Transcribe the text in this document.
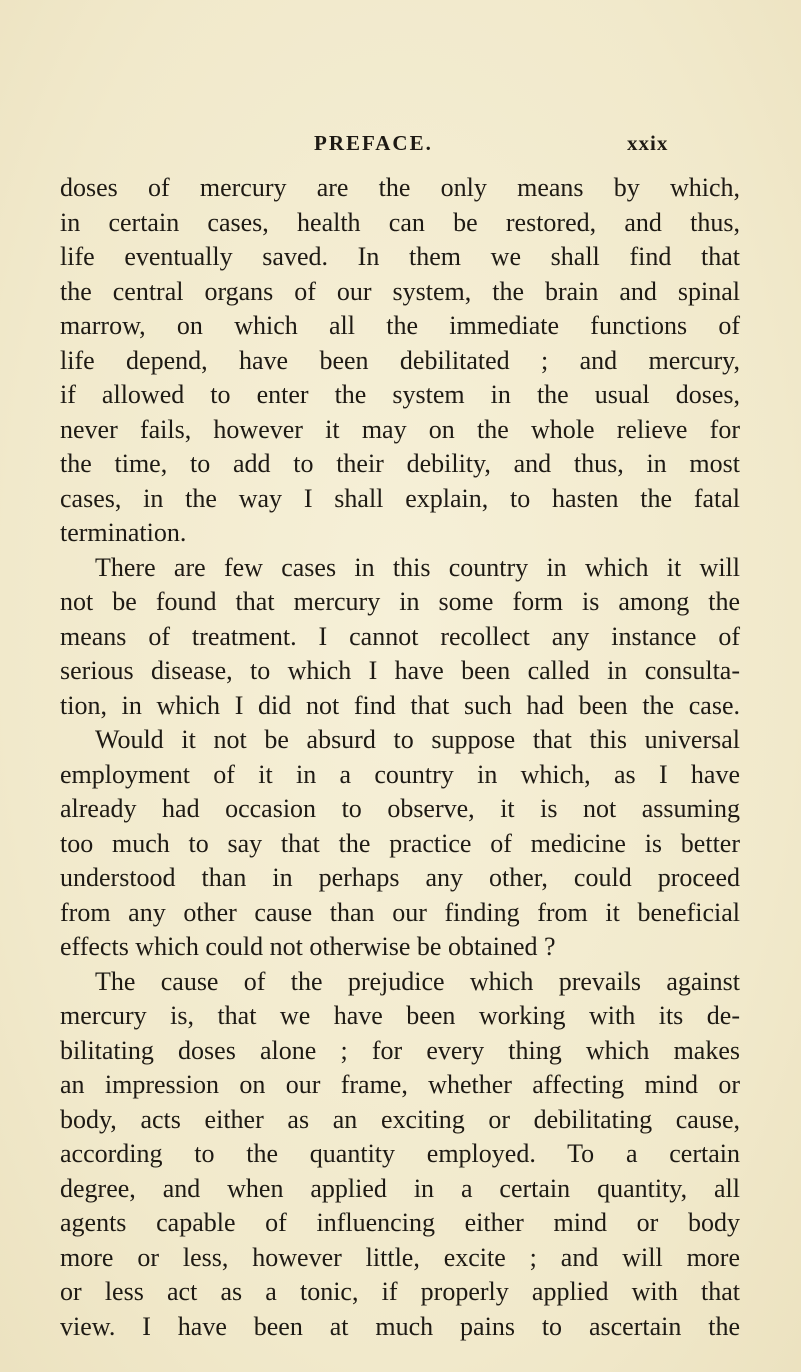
PREFACE.	xxix
doses of mercury are the only means by which,
in certain cases, health can be restored, and thus,
life eventually saved. In them we shall find that
the central organs of our system, the brain and spinal
marrow, on which all the immediate functions of
life depend, have been debilitated ; and mercury,
if allowed to enter the system in the usual doses,
never fails, however it may on the whole relieve for
the time, to add to their debility, and thus, in most
cases, in the way I shall explain, to hasten the fatal
termination.
There are few cases in this country in which it will
not be found that mercury in some form is among the
means of treatment. I cannot recollect any instance of
serious disease, to which I have been called in consulta-
tion, in which I did not find that such had been the case.
Would it not be absurd to suppose that this universal
employment of it in a country in which, as I have
already had occasion to observe, it is not assuming
too much to say that the practice of medicine is better
understood than in perhaps any other, could proceed
from any other cause than our finding from it beneficial
effects which could not otherwise be obtained ?
The cause of the prejudice which prevails against
mercury is, that we have been working with its de-
bilitating doses alone ; for every thing which makes
an impression on our frame, whether affecting mind or
body, acts either as an exciting or debilitating cause,
according to the quantity employed. To a certain
degree, and when applied in a certain quantity, all
agents capable of influencing either mind or body
more or less, however little, excite ; and will more
or less act as a tonic, if properly applied with that
view. I have been at much pains to ascertain the
